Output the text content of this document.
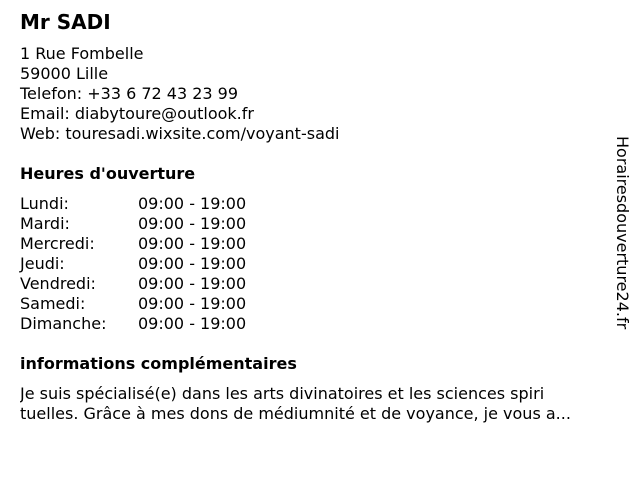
Mr SADI
1 Rue Fombelle
59000 Lille
Telefon: +33 6 72 43 23 99
Email: diabytoure@outlook.fr
Web: touresadi.wixsite.com/voyant-sadi
Heures d'ouverture
Lundi:	09:00 - 19:00
Mardi:	09:00 - 19:00
Mercredi:	09:00 - 19:00
Jeudi:	09:00 - 19:00
Vendredi:	09:00 - 19:00
Samedi:	09:00 - 19:00
Dimanche:	09:00 - 19:00
informations complémentaires
Je suis spécialisé(e) dans les arts divinatoires et les sciences spiri
tuelles. Grâce à mes dons de médiumnité et de voyance, je vous a...
Horairesdouverture24.fr
